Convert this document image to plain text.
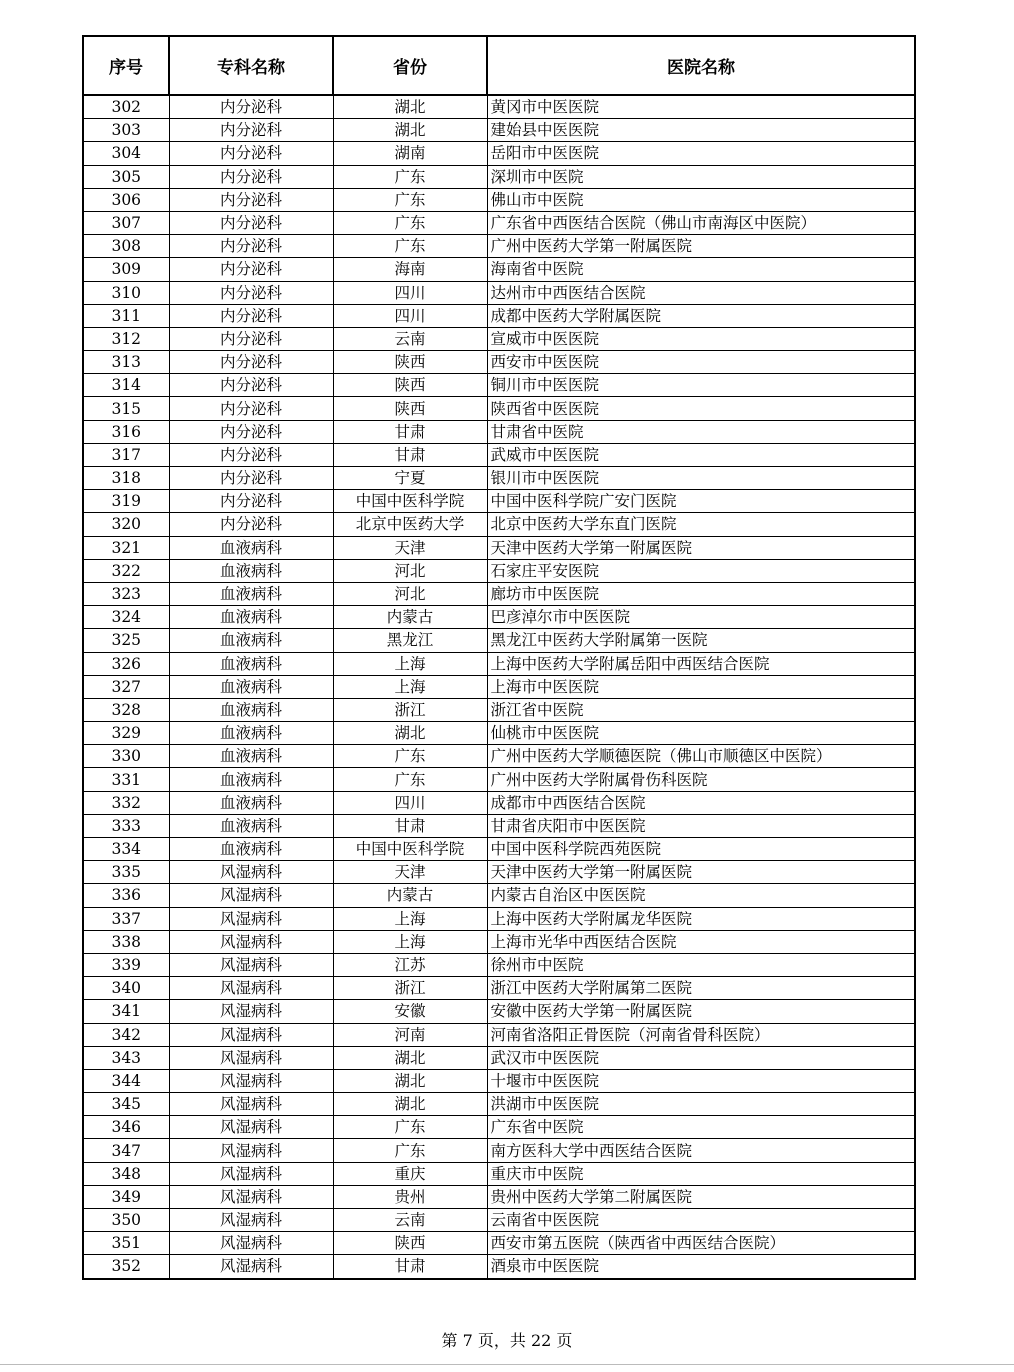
序号	专科名称	省份	医院名称
302	内分泌科	湖北	黄冈市中医医院
303	内分泌科	湖北	建始县中医医院
304	内分泌科	湖南	岳阳市中医医院
305	内分泌科	广东	深圳市中医院
306	内分泌科	广东	佛山市中医院
307	内分泌科	广东	广东省中西医结合医院（佛山市南海区中医院）
308	内分泌科	广东	广州中医药大学第一附属医院
309	内分泌科	海南	海南省中医院
310	内分泌科	四川	达州市中西医结合医院
311	内分泌科	四川	成都中医药大学附属医院
312	内分泌科	云南	宣威市中医医院
313	内分泌科	陕西	西安市中医医院
314	内分泌科	陕西	铜川市中医医院
315	内分泌科	陕西	陕西省中医医院
316	内分泌科	甘肃	甘肃省中医院
317	内分泌科	甘肃	武威市中医医院
318	内分泌科	宁夏	银川市中医医院
319	内分泌科	中国中医科学院	中国中医科学院广安门医院
320	内分泌科	北京中医药大学	北京中医药大学东直门医院
321	血液病科	天津	天津中医药大学第一附属医院
322	血液病科	河北	石家庄平安医院
323	血液病科	河北	廊坊市中医医院
324	血液病科	内蒙古	巴彦淖尔市中医医院
325	血液病科	黑龙江	黑龙江中医药大学附属第一医院
326	血液病科	上海	上海中医药大学附属岳阳中西医结合医院
327	血液病科	上海	上海市中医医院
328	血液病科	浙江	浙江省中医院
329	血液病科	湖北	仙桃市中医医院
330	血液病科	广东	广州中医药大学顺德医院（佛山市顺德区中医院）
331	血液病科	广东	广州中医药大学附属骨伤科医院
332	血液病科	四川	成都市中西医结合医院
333	血液病科	甘肃	甘肃省庆阳市中医医院
334	血液病科	中国中医科学院	中国中医科学院西苑医院
335	风湿病科	天津	天津中医药大学第一附属医院
336	风湿病科	内蒙古	内蒙古自治区中医医院
337	风湿病科	上海	上海中医药大学附属龙华医院
338	风湿病科	上海	上海市光华中西医结合医院
339	风湿病科	江苏	徐州市中医院
340	风湿病科	浙江	浙江中医药大学附属第二医院
341	风湿病科	安徽	安徽中医药大学第一附属医院
342	风湿病科	河南	河南省洛阳正骨医院（河南省骨科医院）
343	风湿病科	湖北	武汉市中医医院
344	风湿病科	湖北	十堰市中医医院
345	风湿病科	湖北	洪湖市中医医院
346	风湿病科	广东	广东省中医院
347	风湿病科	广东	南方医科大学中西医结合医院
348	风湿病科	重庆	重庆市中医院
349	风湿病科	贵州	贵州中医药大学第二附属医院
350	风湿病科	云南	云南省中医医院
351	风湿病科	陕西	西安市第五医院（陕西省中西医结合医院）
352	风湿病科	甘肃	酒泉市中医医院
第 7 页，共 22 页
